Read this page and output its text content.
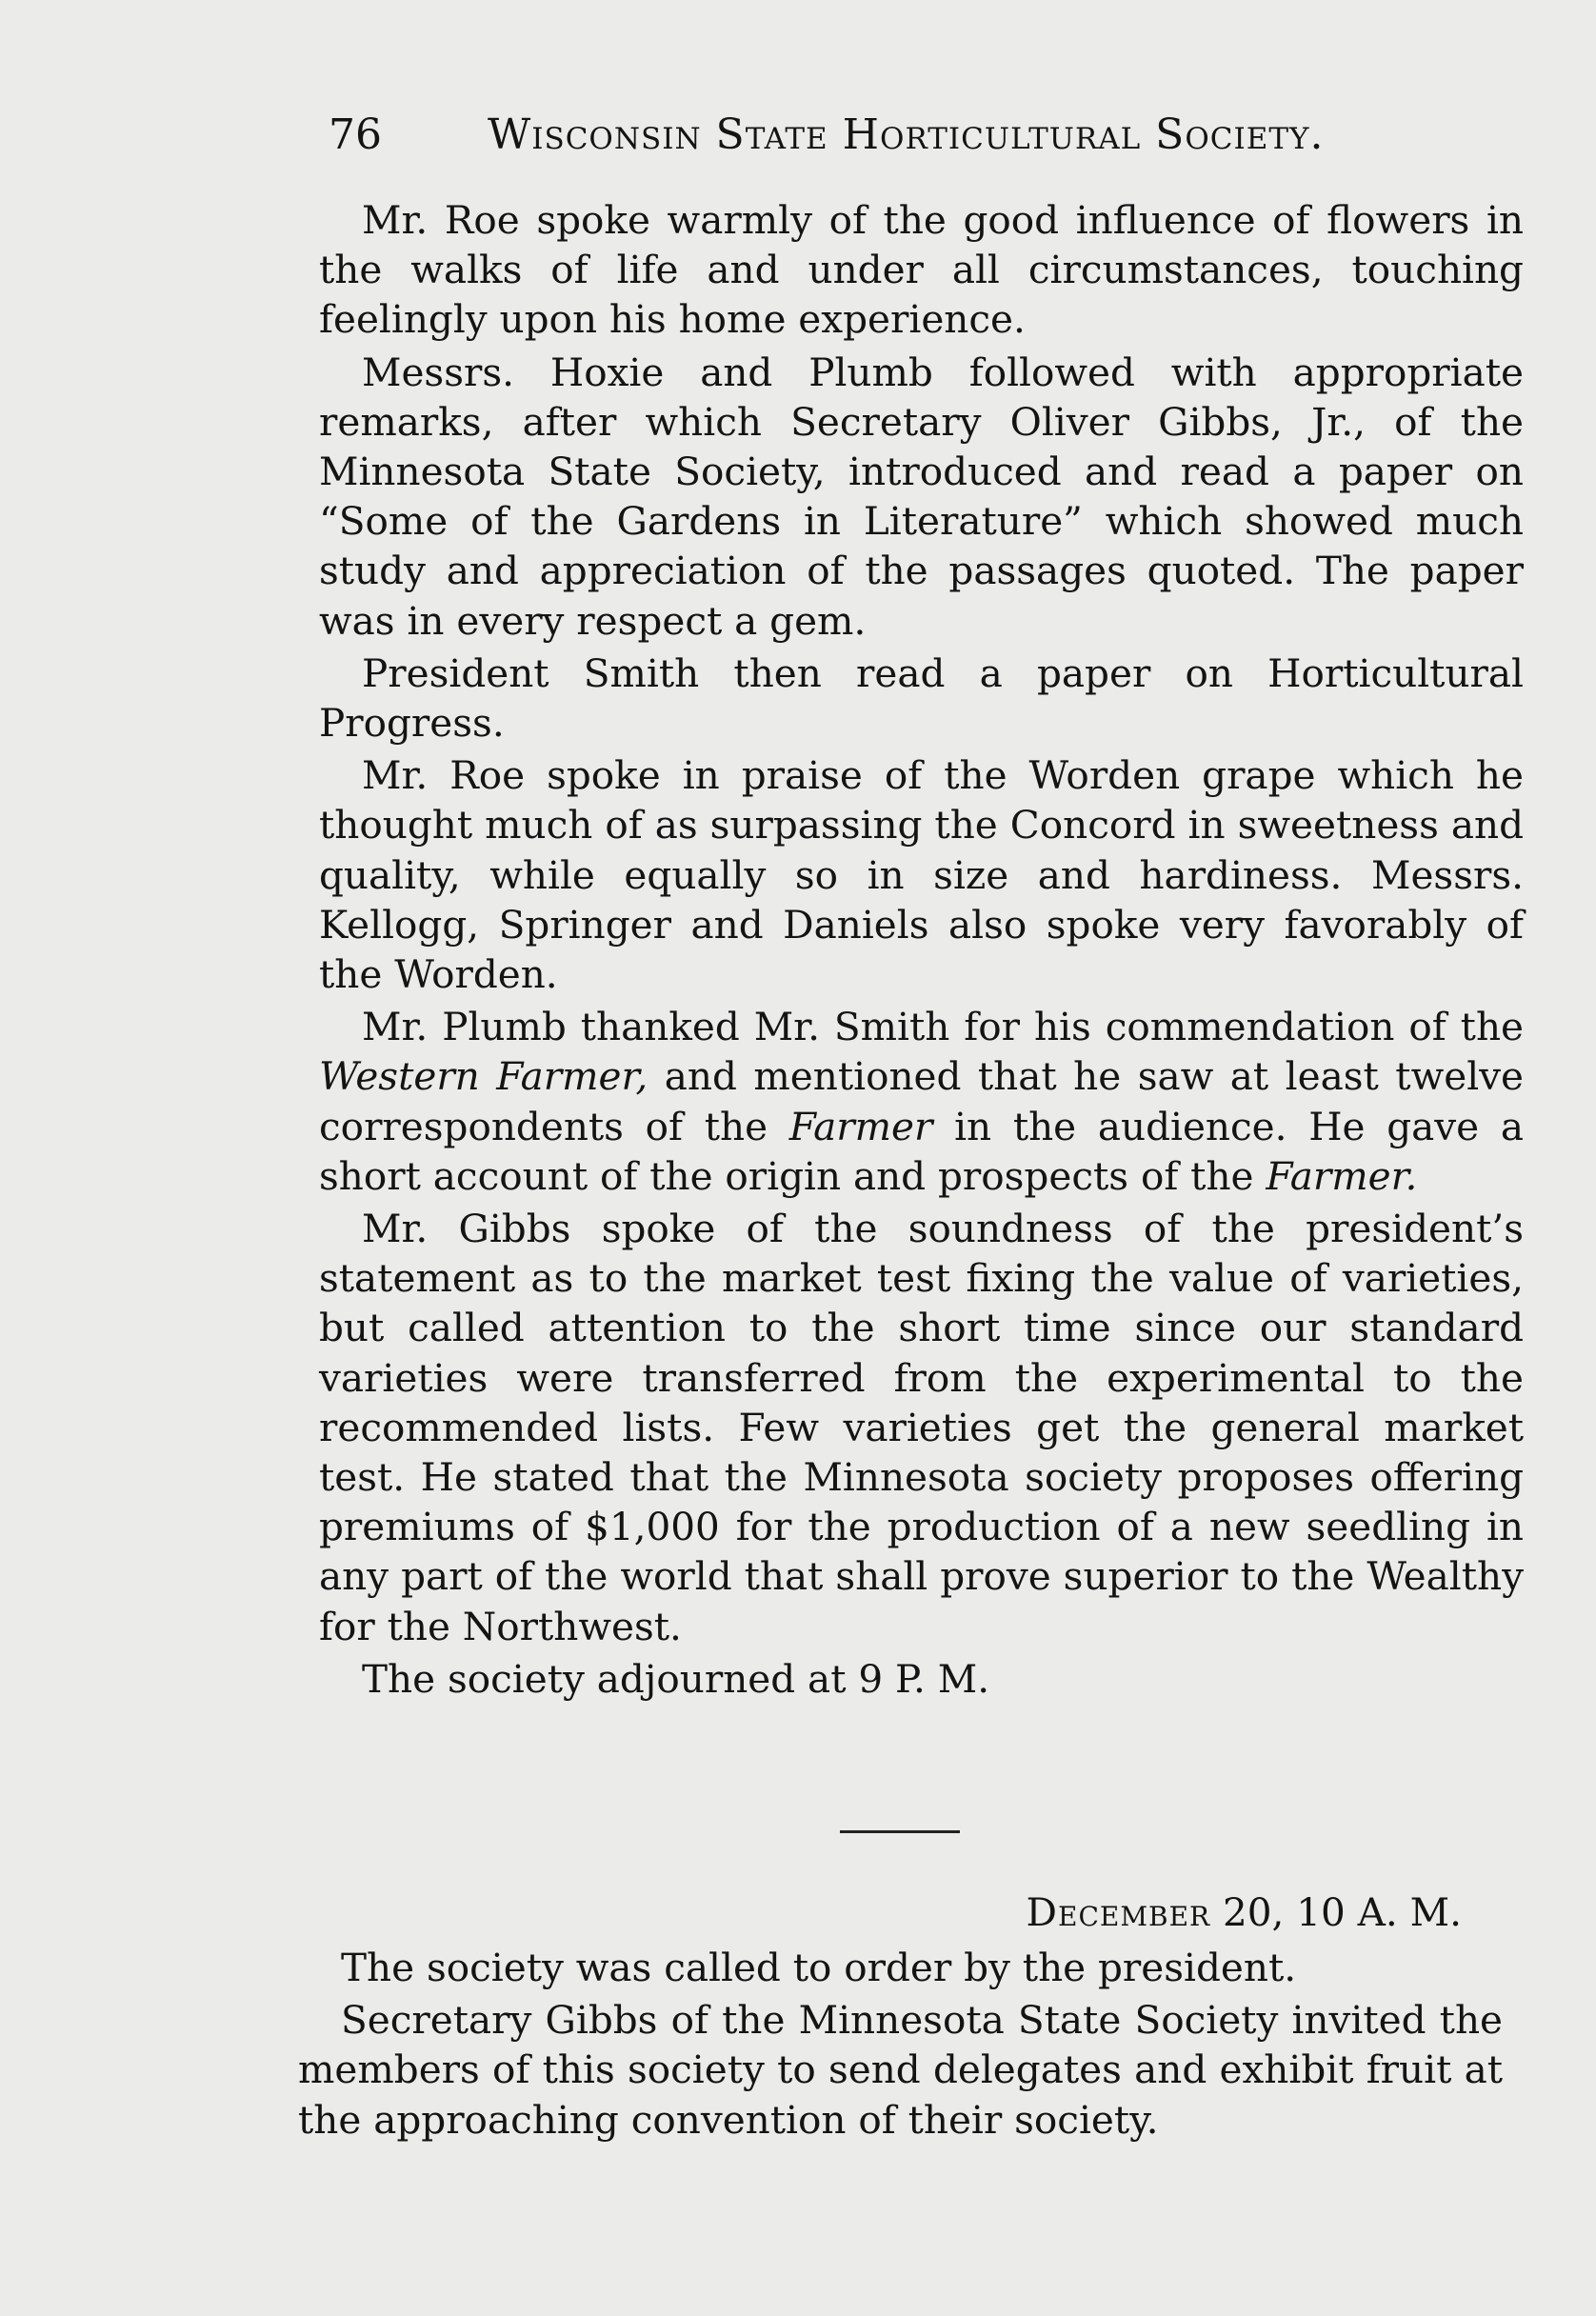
76	Wisconsin State Horticultural Society.

Mr. Roe spoke warmly of the good influence of flowers in the walks of life and under all circumstances, touching feelingly upon his home experience.

Messrs. Hoxie and Plumb followed with appropriate remarks, after which Secretary Oliver Gibbs, Jr., of the Minnesota State Society, introduced and read a paper on “Some of the Gardens in Literature” which showed much study and appreciation of the passages quoted. The paper was in every respect a gem.

President Smith then read a paper on Horticultural Progress.

Mr. Roe spoke in praise of the Worden grape which he thought much of as surpassing the Concord in sweetness and quality, while equally so in size and hardiness. Messrs. Kellogg, Springer and Daniels also spoke very favorably of the Worden.

Mr. Plumb thanked Mr. Smith for his commendation of the Western Farmer, and mentioned that he saw at least twelve correspondents of the Farmer in the audience. He gave a short account of the origin and prospects of the Farmer.

Mr. Gibbs spoke of the soundness of the president’s statement as to the market test fixing the value of varieties, but called attention to the short time since our standard varieties were transferred from the experimental to the recommended lists. Few varieties get the general market test. He stated that the Minnesota society proposes offering premiums of $1,000 for the production of a new seedling in any part of the world that shall prove superior to the Wealthy for the Northwest.

The society adjourned at 9 P. M.

December 20, 10 A. M.

The society was called to order by the president.

Secretary Gibbs of the Minnesota State Society invited the members of this society to send delegates and exhibit fruit at the approaching convention of their society.
